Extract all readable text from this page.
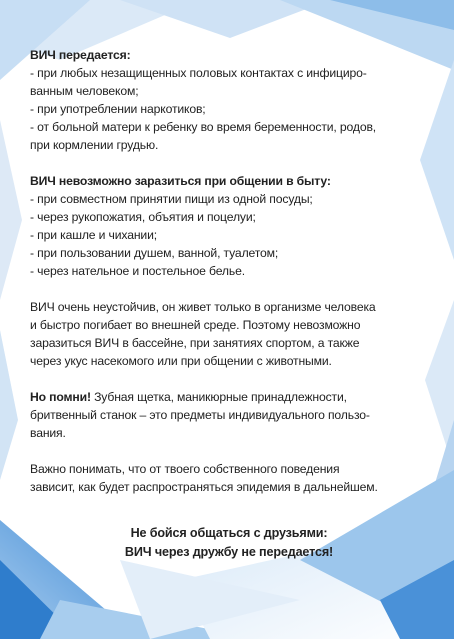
ВИЧ передается:

- при любых незащищенных половых контактах с инфициро-

ванным человеком;

- при употреблении наркотиков;

- от больной матери к ребенку во время беременности, родов,

при кормлении грудью.

ВИЧ невозможно заразиться при общении в быту:

- при совместном принятии пищи из одной посуды;

- через рукопожатия, объятия и поцелуи;

- при кашле и чихании;

- при пользовании душем, ванной, туалетом;

- через нательное и постельное белье.

ВИЧ очень неустойчив, он живет только в организме человека

и быстро погибает во внешней среде. Поэтому невозможно

заразиться ВИЧ в бассейне, при занятиях спортом, а также

через укус насекомого или при общении с животными.

Но помни! Зубная щетка, маникюрные принадлежности,

бритвенный станок – это предметы индивидуального пользо-

вания.

Важно понимать, что от твоего собственного поведения

зависит, как будет распространяться эпидемия в дальнейшем.

Не бойся общаться с друзьями:

ВИЧ через дружбу не передается!
